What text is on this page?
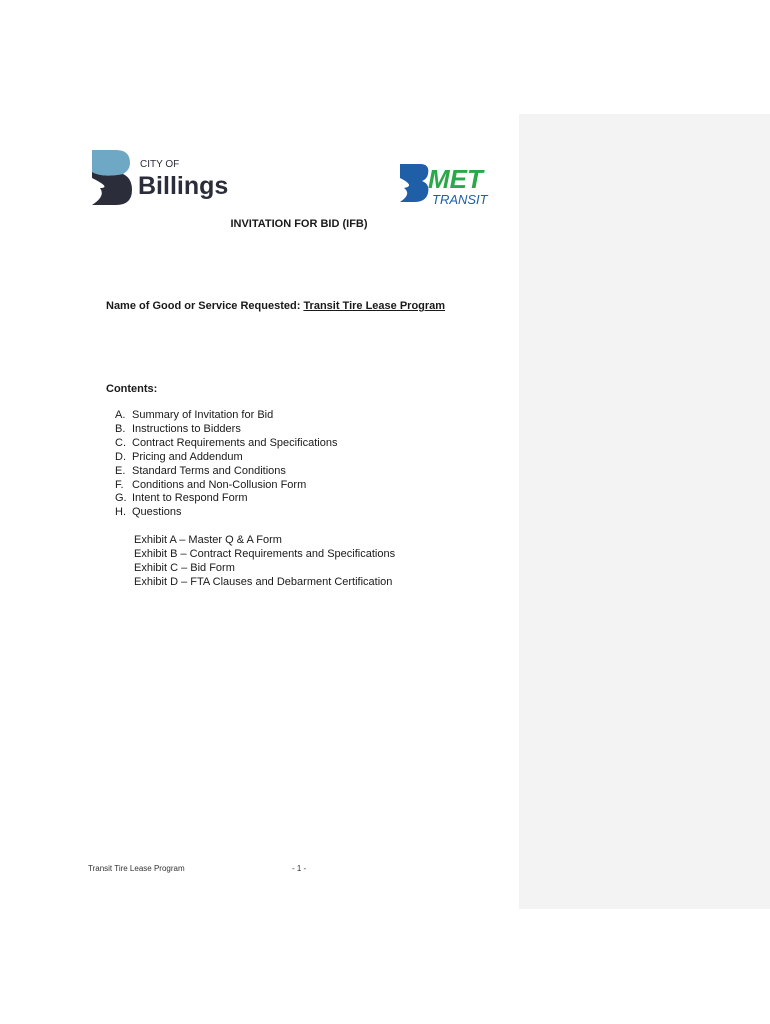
CITY OF
Billings	MET
TRANSIT
INVITATION FOR BID (IFB)
Name of Good or Service Requested: Transit Tire Lease Program
Contents:
A. Summary of Invitation for Bid
B. Instructions to Bidders
C. Contract Requirements and Specifications
D. Pricing and Addendum
E. Standard Terms and Conditions
F. Conditions and Non-Collusion Form
G. Intent to Respond Form
H. Questions
Exhibit A – Master Q & A Form
Exhibit B – Contract Requirements and Specifications
Exhibit C – Bid Form
Exhibit D – FTA Clauses and Debarment Certification
Transit Tire Lease Program	- 1 -
